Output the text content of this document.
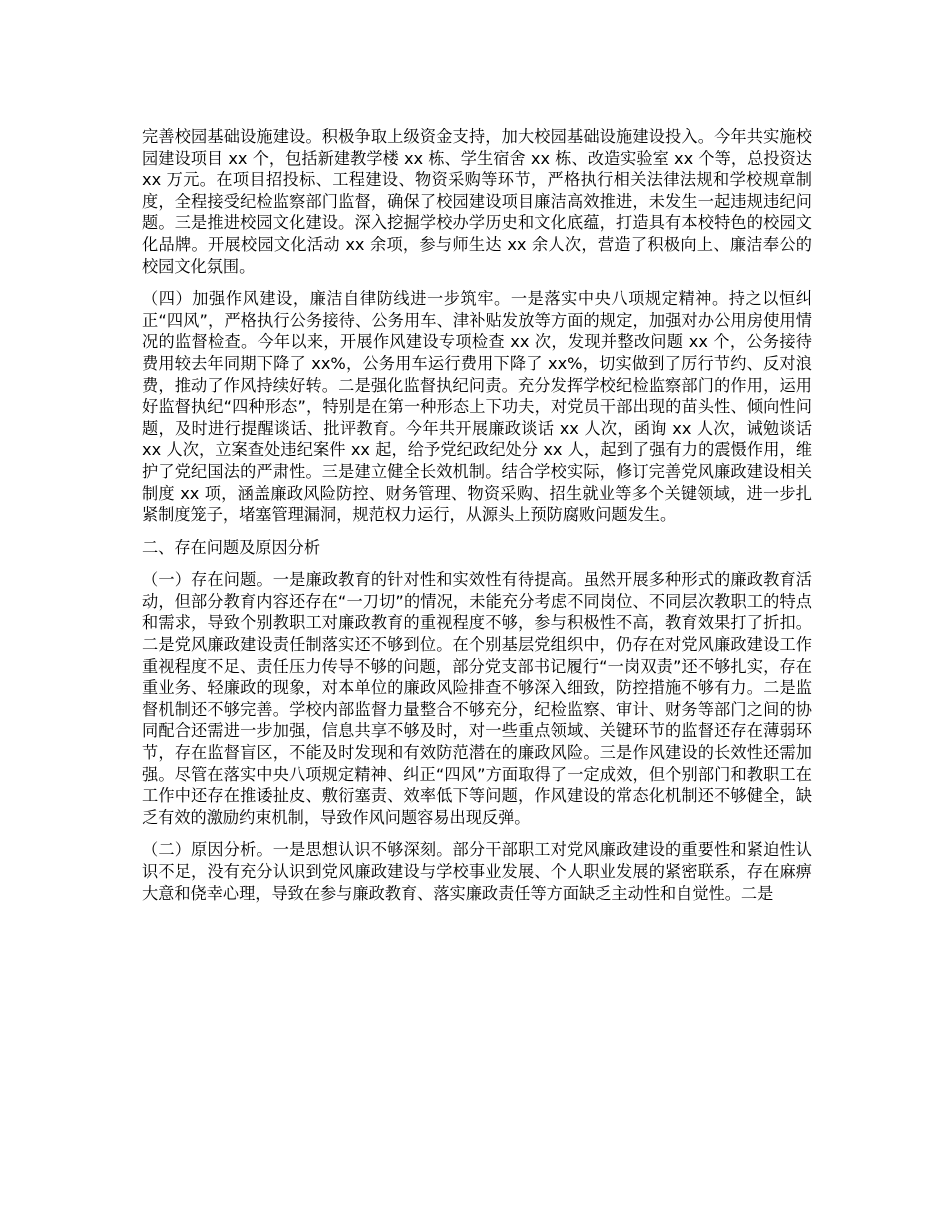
完善校园基础设施建设。积极争取上级资金支持，加大校园基础设施建设投入。今年共实施校园建设项目 xx 个，包括新建教学楼 xx 栋、学生宿舍 xx 栋、改造实验室 xx 个等，总投资达 xx 万元。在项目招投标、工程建设、物资采购等环节，严格执行相关法律法规和学校规章制度，全程接受纪检监察部门监督，确保了校园建设项目廉洁高效推进，未发生一起违规违纪问题。三是推进校园文化建设。深入挖掘学校办学历史和文化底蕴，打造具有本校特色的校园文化品牌。开展校园文化活动 xx 余项，参与师生达 xx 余人次，营造了积极向上、廉洁奉公的校园文化氛围。

（四）加强作风建设，廉洁自律防线进一步筑牢。一是落实中央八项规定精神。持之以恒纠正“四风”，严格执行公务接待、公务用车、津补贴发放等方面的规定，加强对办公用房使用情况的监督检查。今年以来，开展作风建设专项检查 xx 次，发现并整改问题 xx 个，公务接待费用较去年同期下降了 xx%，公务用车运行费用下降了 xx%，切实做到了厉行节约、反对浪费，推动了作风持续好转。二是强化监督执纪问责。充分发挥学校纪检监察部门的作用，运用好监督执纪“四种形态”，特别是在第一种形态上下功夫，对党员干部出现的苗头性、倾向性问题，及时进行提醒谈话、批评教育。今年共开展廉政谈话 xx 人次，函询 xx 人次，诫勉谈话 xx 人次，立案查处违纪案件 xx 起，给予党纪政纪处分 xx 人，起到了强有力的震慑作用，维护了党纪国法的严肃性。三是建立健全长效机制。结合学校实际，修订完善党风廉政建设相关制度 xx 项，涵盖廉政风险防控、财务管理、物资采购、招生就业等多个关键领域，进一步扎紧制度笼子，堵塞管理漏洞，规范权力运行，从源头上预防腐败问题发生。

二、存在问题及原因分析

（一）存在问题。一是廉政教育的针对性和实效性有待提高。虽然开展多种形式的廉政教育活动，但部分教育内容还存在“一刀切”的情况，未能充分考虑不同岗位、不同层次教职工的特点和需求，导致个别教职工对廉政教育的重视程度不够，参与积极性不高，教育效果打了折扣。二是党风廉政建设责任制落实还不够到位。在个别基层党组织中，仍存在对党风廉政建设工作重视程度不足、责任压力传导不够的问题，部分党支部书记履行“一岗双责”还不够扎实，存在重业务、轻廉政的现象，对本单位的廉政风险排查不够深入细致，防控措施不够有力。二是监督机制还不够完善。学校内部监督力量整合不够充分，纪检监察、审计、财务等部门之间的协同配合还需进一步加强，信息共享不够及时，对一些重点领域、关键环节的监督还存在薄弱环节，存在监督盲区，不能及时发现和有效防范潜在的廉政风险。三是作风建设的长效性还需加强。尽管在落实中央八项规定精神、纠正“四风”方面取得了一定成效，但个别部门和教职工在工作中还存在推诿扯皮、敷衍塞责、效率低下等问题，作风建设的常态化机制还不够健全，缺乏有效的激励约束机制，导致作风问题容易出现反弹。

（二）原因分析。一是思想认识不够深刻。部分干部职工对党风廉政建设的重要性和紧迫性认识不足，没有充分认识到党风廉政建设与学校事业发展、个人职业发展的紧密联系，存在麻痹大意和侥幸心理，导致在参与廉政教育、落实廉政责任等方面缺乏主动性和自觉性。二是
